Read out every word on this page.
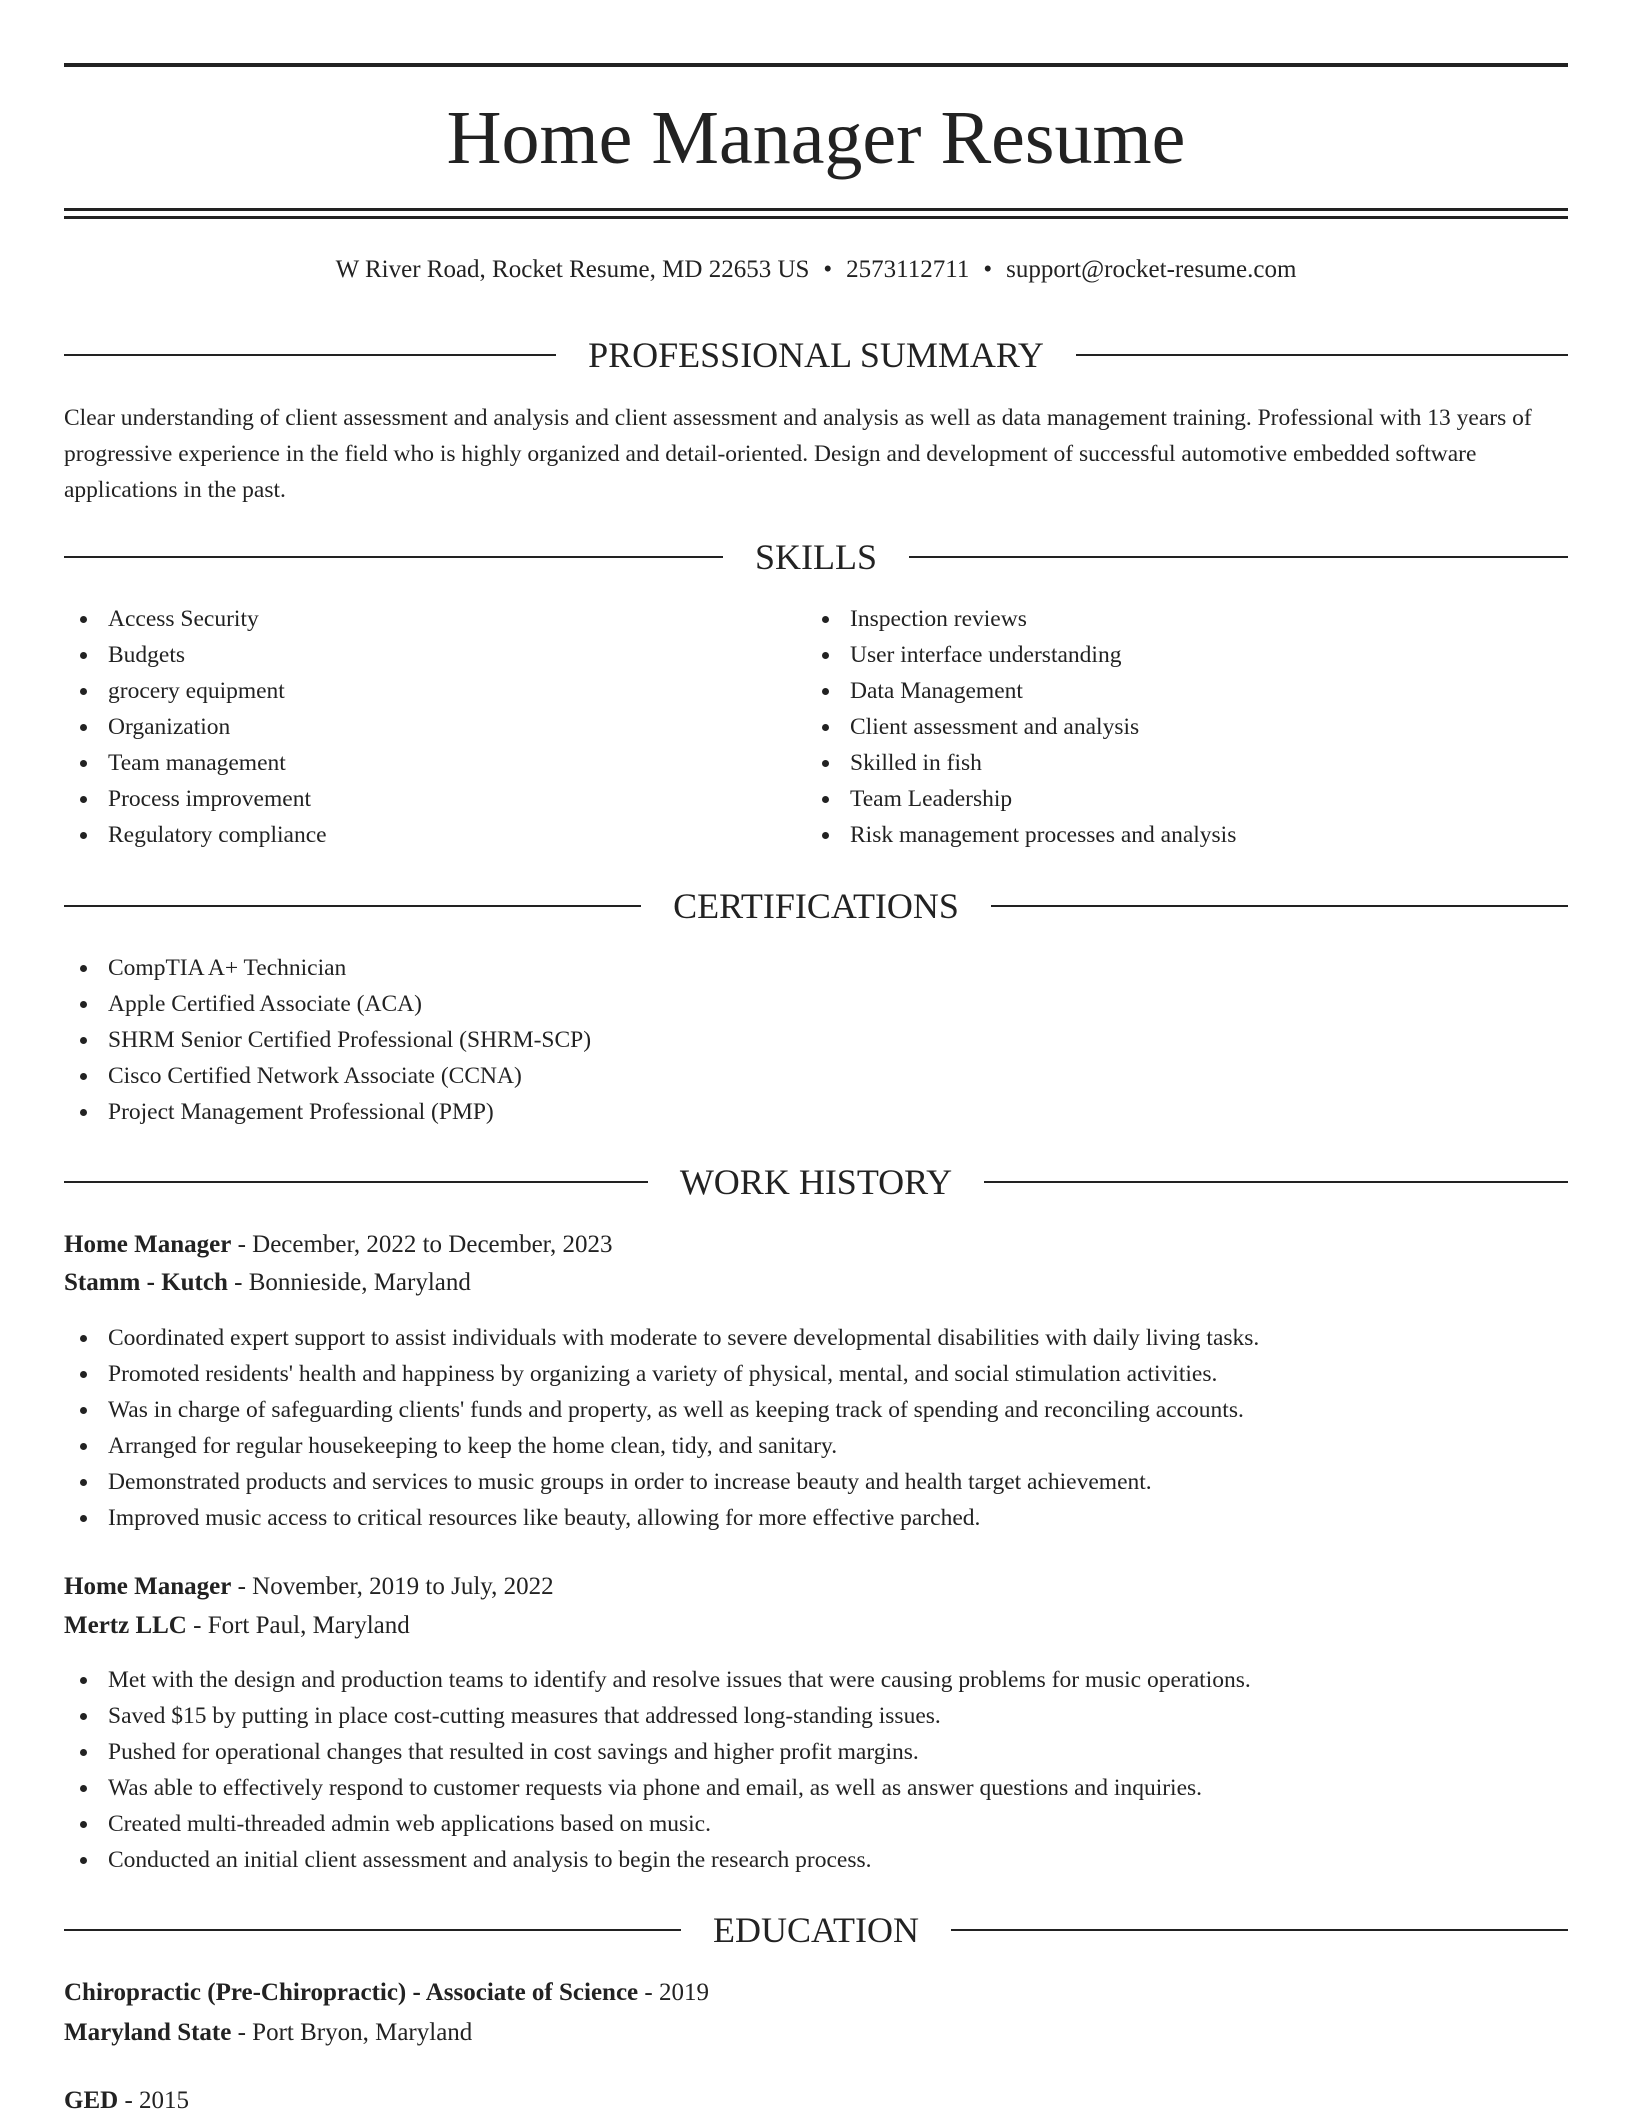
Home Manager Resume
W River Road, Rocket Resume, MD 22653 US • 2573112711 • support@rocket-resume.com
PROFESSIONAL SUMMARY

Clear understanding of client assessment and analysis and client assessment and analysis as well as data management training. Professional with 13 years of progressive experience in the field who is highly organized and detail-oriented. Design and development of successful automotive embedded software applications in the past.

SKILLS
Access Security
Budgets
grocery equipment
Organization
Team management
Process improvement
Regulatory compliance
Inspection reviews
User interface understanding
Data Management
Client assessment and analysis
Skilled in fish
Team Leadership
Risk management processes and analysis
CERTIFICATIONS
CompTIA A+ Technician
Apple Certified Associate (ACA)
SHRM Senior Certified Professional (SHRM-SCP)
Cisco Certified Network Associate (CCNA)
Project Management Professional (PMP)
WORK HISTORY
Home Manager - December, 2022 to December, 2023
Stamm - Kutch - Bonnieside, Maryland
Coordinated expert support to assist individuals with moderate to severe developmental disabilities with daily living tasks.
Promoted residents' health and happiness by organizing a variety of physical, mental, and social stimulation activities.
Was in charge of safeguarding clients' funds and property, as well as keeping track of spending and reconciling accounts.
Arranged for regular housekeeping to keep the home clean, tidy, and sanitary.
Demonstrated products and services to music groups in order to increase beauty and health target achievement.
Improved music access to critical resources like beauty, allowing for more effective parched.
Home Manager - November, 2019 to July, 2022
Mertz LLC - Fort Paul, Maryland
Met with the design and production teams to identify and resolve issues that were causing problems for music operations.
Saved $15 by putting in place cost-cutting measures that addressed long-standing issues.
Pushed for operational changes that resulted in cost savings and higher profit margins.
Was able to effectively respond to customer requests via phone and email, as well as answer questions and inquiries.
Created multi-threaded admin web applications based on music.
Conducted an initial client assessment and analysis to begin the research process.
EDUCATION
Chiropractic (Pre-Chiropractic) - Associate of Science - 2019
Maryland State - Port Bryon, Maryland
GED - 2015
